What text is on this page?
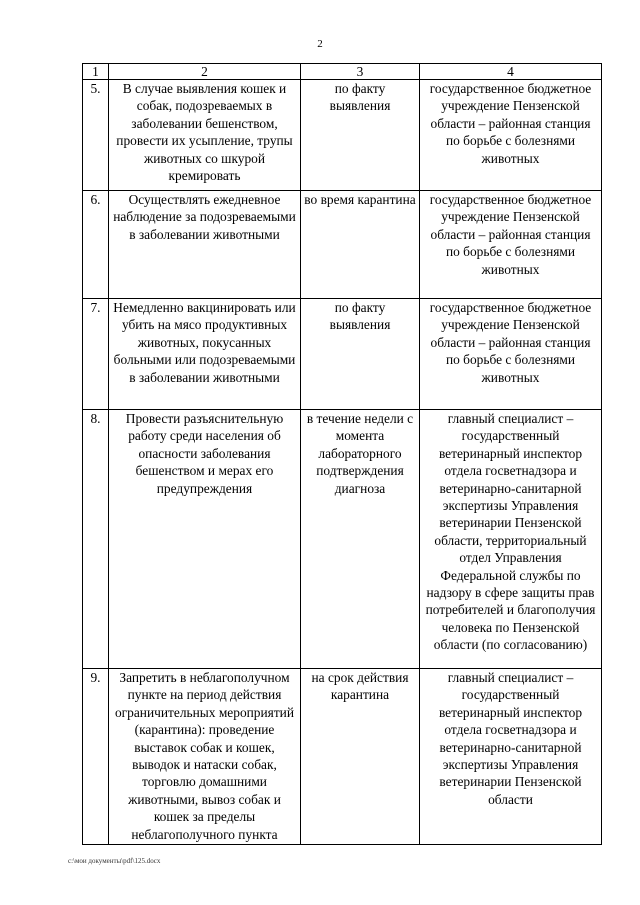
2
1	2	3	4
5.	В случае выявления кошек и собак, подозреваемых в заболевании бешенством, провести их усыпление, трупы животных со шкурой кремировать	по факту выявления	государственное бюджетное учреждение Пензенской области – районная станция по борьбе с болезнями животных
6.	Осуществлять ежедневное наблюдение за подозреваемыми в заболевании животными	во время карантина	государственное бюджетное учреждение Пензенской области – районная станция по борьбе с болезнями животных
7.	Немедленно вакцинировать или убить на мясо продуктивных животных, покусанных больными или подозреваемыми в заболевании животными	по факту выявления	государственное бюджетное учреждение Пензенской области – районная станция по борьбе с болезнями животных
8.	Провести разъяснительную работу среди населения об опасности заболевания бешенством и мерах его предупреждения	в течение недели с момента лабораторного подтверждения диагноза	главный специалист – государственный ветеринарный инспектор отдела госветнадзора и ветеринарно-санитарной экспертизы Управления ветеринарии Пензенской области, территориальный отдел Управления Федеральной службы по надзору в сфере защиты прав потребителей и благополучия человека по Пензенской области (по согласованию)
9.	Запретить в неблагополучном пункте на период действия ограничительных мероприятий (карантина): проведение выставок собак и кошек, выводок и натаски собак, торговлю домашними животными, вывоз собак и кошек за пределы неблагополучного пункта	на срок действия карантина	главный специалист – государственный ветеринарный инспектор отдела госветнадзора и ветеринарно-санитарной экспертизы Управления ветеринарии Пензенской области
c:\мои документы\pdf\125.docx
